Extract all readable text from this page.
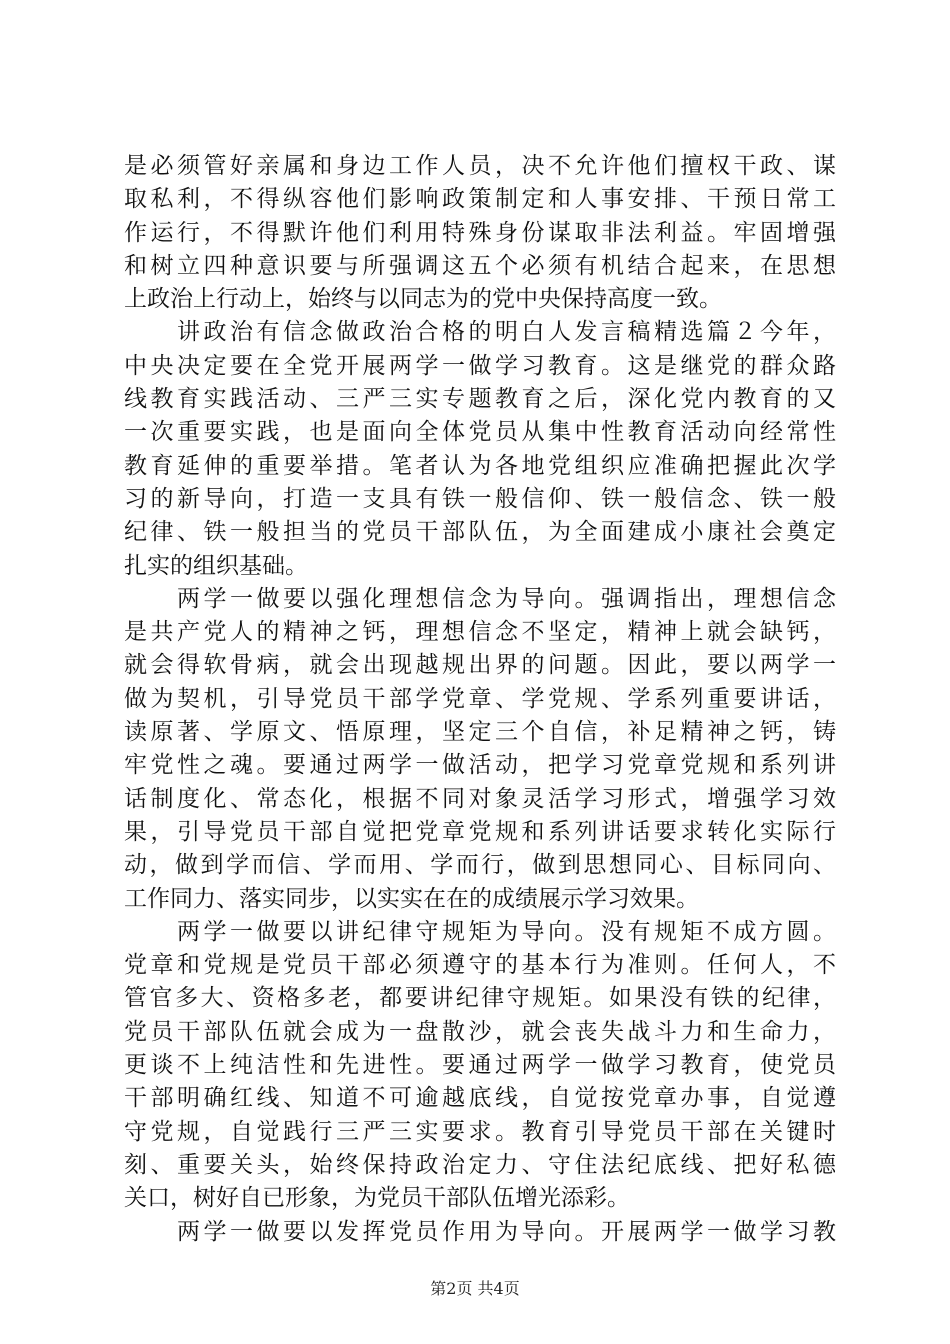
是必须管好亲属和身边工作人员，决不允许他们擅权干政、谋
取私利，不得纵容他们影响政策制定和人事安排、干预日常工
作运行，不得默许他们利用特殊身份谋取非法利益。牢固增强
和树立四种意识要与所强调这五个必须有机结合起来，在思想
上政治上行动上，始终与以同志为的党中央保持高度一致。
　　讲政治有信念做政治合格的明白人发言稿精选篇２今年，
中央决定要在全党开展两学一做学习教育。这是继党的群众路
线教育实践活动、三严三实专题教育之后，深化党内教育的又
一次重要实践，也是面向全体党员从集中性教育活动向经常性
教育延伸的重要举措。笔者认为各地党组织应准确把握此次学
习的新导向，打造一支具有铁一般信仰、铁一般信念、铁一般
纪律、铁一般担当的党员干部队伍，为全面建成小康社会奠定
扎实的组织基础。
　　两学一做要以强化理想信念为导向。强调指出，理想信念
是共产党人的精神之钙，理想信念不坚定，精神上就会缺钙，
就会得软骨病，就会出现越规出界的问题。因此，要以两学一
做为契机，引导党员干部学党章、学党规、学系列重要讲话，
读原著、学原文、悟原理，坚定三个自信，补足精神之钙，铸
牢党性之魂。要通过两学一做活动，把学习党章党规和系列讲
话制度化、常态化，根据不同对象灵活学习形式，增强学习效
果，引导党员干部自觉把党章党规和系列讲话要求转化实际行
动，做到学而信、学而用、学而行，做到思想同心、目标同向、
工作同力、落实同步，以实实在在的成绩展示学习效果。
　　两学一做要以讲纪律守规矩为导向。没有规矩不成方圆。
党章和党规是党员干部必须遵守的基本行为准则。任何人，不
管官多大、资格多老，都要讲纪律守规矩。如果没有铁的纪律，
党员干部队伍就会成为一盘散沙，就会丧失战斗力和生命力，
更谈不上纯洁性和先进性。要通过两学一做学习教育，使党员
干部明确红线、知道不可逾越底线，自觉按党章办事，自觉遵
守党规，自觉践行三严三实要求。教育引导党员干部在关键时
刻、重要关头，始终保持政治定力、守住法纪底线、把好私德
关口，树好自已形象，为党员干部队伍增光添彩。
　　两学一做要以发挥党员作用为导向。开展两学一做学习教
第2页 共4页
